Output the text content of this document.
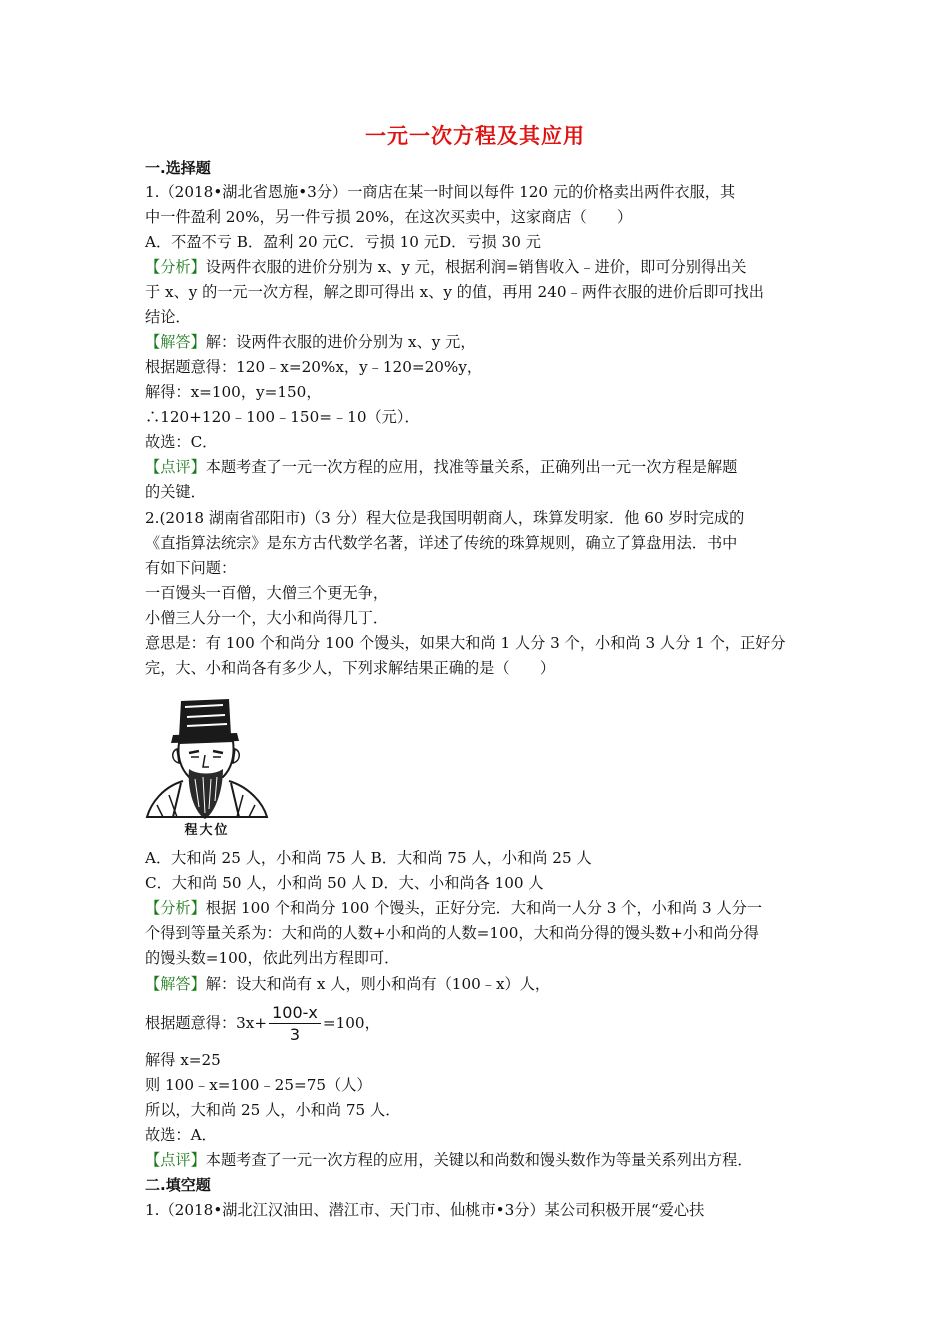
一元一次方程及其应用
一.选择题
1.（2018•湖北省恩施•3分）一商店在某一时间以每件 120 元的价格卖出两件衣服，其
中一件盈利 20%，另一件亏损 20%，在这次买卖中，这家商店（　　）
A．不盈不亏 B．盈利 20 元C．亏损 10 元D．亏损 30 元
【分析】设两件衣服的进价分别为 x、y 元，根据利润=销售收入﹣进价，即可分别得出关
于 x、y 的一元一次方程，解之即可得出 x、y 的值，再用 240﹣两件衣服的进价后即可找出
结论．
【解答】解：设两件衣服的进价分别为 x、y 元，
根据题意得：120﹣x=20%x，y﹣120=20%y，
解得：x=100，y=150，
∴120+120﹣100﹣150=﹣10（元）．
故选：C．
【点评】本题考查了一元一次方程的应用，找准等量关系，正确列出一元一次方程是解题
的关键．
2.(2018 湖南省邵阳市)（3 分）程大位是我国明朝商人，珠算发明家．他 60 岁时完成的
《直指算法统宗》是东方古代数学名著，详述了传统的珠算规则，确立了算盘用法．书中
有如下问题：
一百馒头一百僧，大僧三个更无争，
小僧三人分一个，大小和尚得几丁．
意思是：有 100 个和尚分 100 个馒头，如果大和尚 1 人分 3 个，小和尚 3 人分 1 个，正好分
完，大、小和尚各有多少人，下列求解结果正确的是（　　）
程大位
A．大和尚 25 人，小和尚 75 人 B．大和尚 75 人，小和尚 25 人
C．大和尚 50 人，小和尚 50 人 D．大、小和尚各 100 人
【分析】根据 100 个和尚分 100 个馒头，正好分完．大和尚一人分 3 个，小和尚 3 人分一
个得到等量关系为：大和尚的人数+小和尚的人数=100，大和尚分得的馒头数+小和尚分得
的馒头数=100，依此列出方程即可．
【解答】解：设大和尚有 x 人，则小和尚有（100﹣x）人，
根据题意得：$3x+ \frac{100-x}{3} =100$，
解得 x=25
则 100﹣x=100﹣25=75（人）
所以，大和尚 25 人，小和尚 75 人．
故选：A．
【点评】本题考查了一元一次方程的应用，关键以和尚数和馒头数作为等量关系列出方程．
二.填空题
1.（2018•湖北江汉油田、潜江市、天门市、仙桃市•3分）某公司积极开展“爱心扶
